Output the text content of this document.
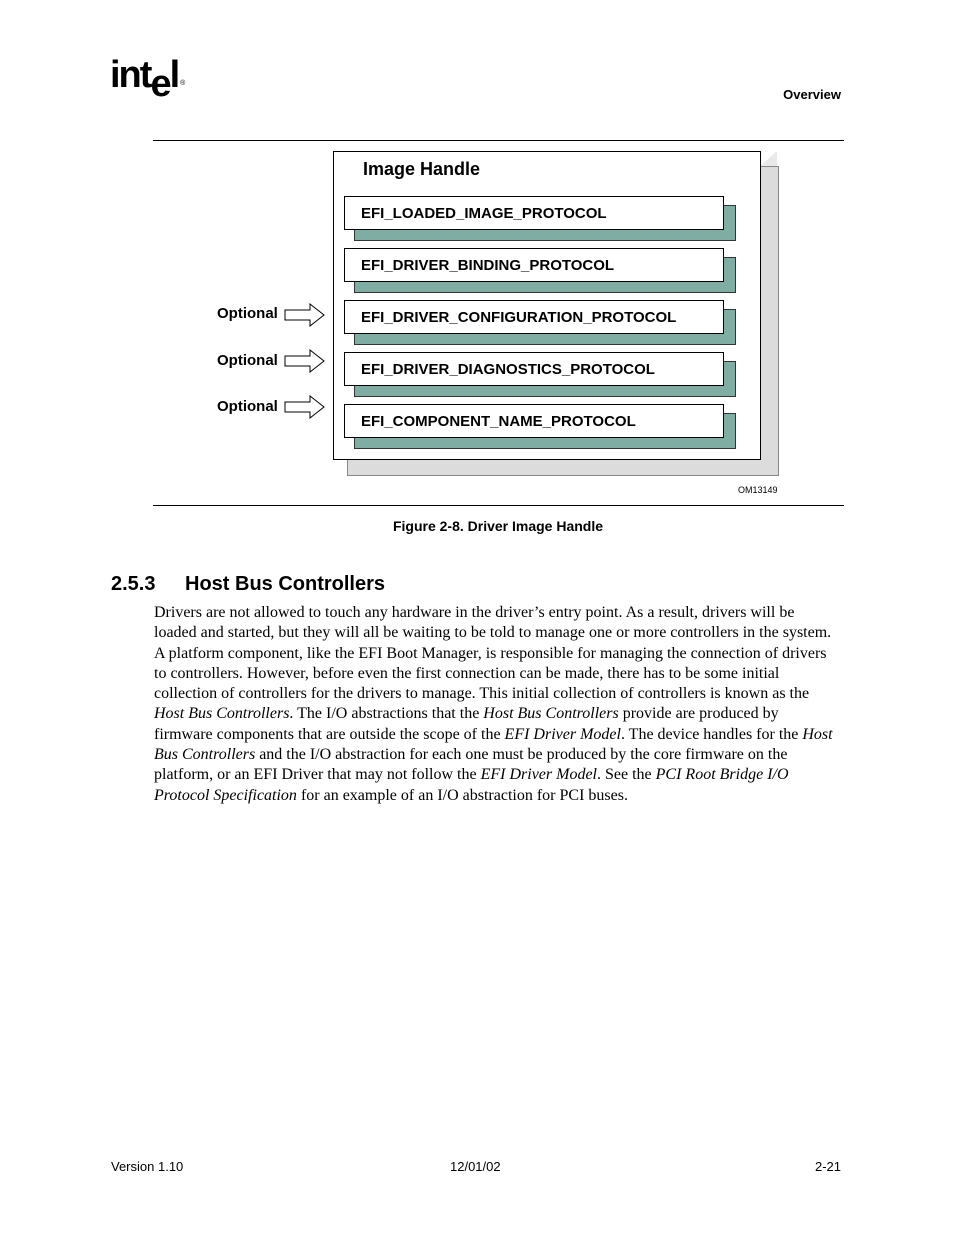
intel ®
Overview
Image Handle
EFI_LOADED_IMAGE_PROTOCOL
EFI_DRIVER_BINDING_PROTOCOL
EFI_DRIVER_CONFIGURATION_PROTOCOL
EFI_DRIVER_DIAGNOSTICS_PROTOCOL
EFI_COMPONENT_NAME_PROTOCOL
Optional
Optional
Optional
OM13149
Figure 2-8. Driver Image Handle
2.5.3 Host Bus Controllers

Drivers are not allowed to touch any hardware in the driver’s entry point. As a result, drivers will be loaded and started, but they will all be waiting to be told to manage one or more controllers in the system. A platform component, like the EFI Boot Manager, is responsible for managing the connection of drivers to controllers. However, before even the first connection can be made, there has to be some initial collection of controllers for the drivers to manage. This initial collection of controllers is known as the Host Bus Controllers. The I/O abstractions that the Host Bus Controllers provide are produced by firmware components that are outside the scope of the EFI Driver Model. The device handles for the Host Bus Controllers and the I/O abstraction for each one must be produced by the core firmware on the platform, or an EFI Driver that may not follow the EFI Driver Model. See the PCI Root Bridge I/O Protocol Specification for an example of an I/O abstraction for PCI buses.

Version 1.10	12/01/02	2-21
